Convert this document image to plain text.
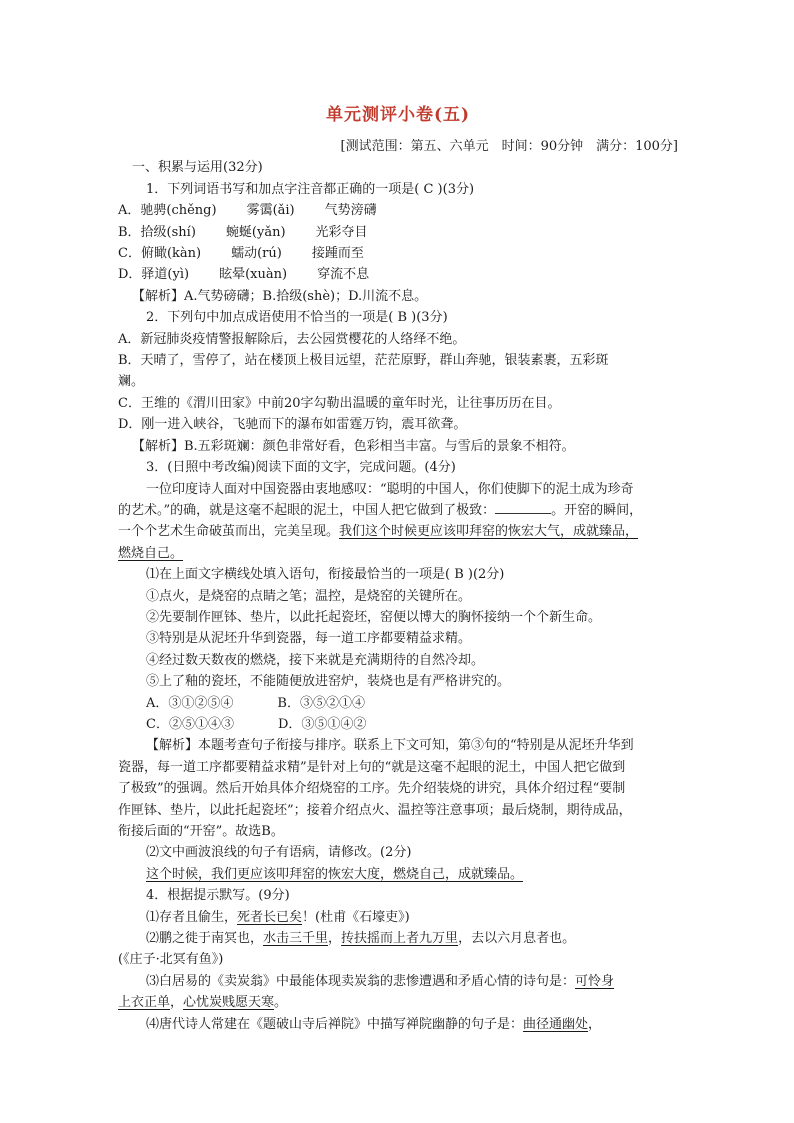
单元测评小卷(五)
[测试范围：第五、六单元　时间：90分钟　满分：100分]
一、积累与运用(32分)
1．下列词语书写和加点字注音都正确的一项是( C )(3分)
A．驰骋(chěng) 雾霭(ǎi) 气势滂礴
B．拾级(shí) 蜿蜒(yǎn) 光彩夺目
C．俯瞰(kàn) 蠕动(rú) 接踵而至
D．驿道(yì) 眩晕(xuàn) 穿流不息
【解析】A.气势磅礴；B.拾级(shè)；D.川流不息。
2．下列句中加点成语使用不恰当的一项是( B )(3分)
A．新冠肺炎疫情警报解除后，去公园赏樱花的人络绎不绝。
B．天晴了，雪停了，站在楼顶上极目远望，茫茫原野，群山奔驰，银装素裹，五彩斑
斓。
C．王维的《渭川田家》中前20字勾勒出温暖的童年时光，让往事历历在目。
D．刚一进入峡谷，飞驰而下的瀑布如雷霆万钧，震耳欲聋。
【解析】B.五彩斑斓：颜色非常好看，色彩相当丰富。与雪后的景象不相符。
3．(日照中考改编)阅读下面的文字，完成问题。(4分)
一位印度诗人面对中国瓷器由衷地感叹：“聪明的中国人，你们使脚下的泥土成为珍奇
的艺术。”的确，就是这毫不起眼的泥土，中国人把它做到了极致：	。开窑的瞬间，
一个个艺术生命破茧而出，完美呈现。我们这个时候更应该叩拜窑的恢宏大气，成就臻品，
燃烧自己。
⑴在上面文字横线处填入语句，衔接最恰当的一项是( B )(2分)
①点火，是烧窑的点睛之笔；温控，是烧窑的关键所在。
②先要制作匣钵、垫片，以此托起瓷坯，窑便以博大的胸怀接纳一个个新生命。
③特别是从泥坯升华到瓷器，每一道工序都要精益求精。
④经过数天数夜的燃烧，接下来就是充满期待的自然冷却。
⑤上了釉的瓷坯，不能随便放进窑炉，装烧也是有严格讲究的。
A．③①②⑤④	B．③⑤②①④
C．②⑤①④③	D．③⑤①④②
【解析】本题考查句子衔接与排序。联系上下文可知，第③句的“特别是从泥坯升华到
瓷器，每一道工序都要精益求精”是针对上句的“就是这毫不起眼的泥土，中国人把它做到
了极致”的强调。然后开始具体介绍烧窑的工序。先介绍装烧的讲究，具体介绍过程“要制
作匣钵、垫片，以此托起瓷坯”；接着介绍点火、温控等注意事项；最后烧制，期待成品，
衔接后面的“开窑”。故选B。
⑵文中画波浪线的句子有语病，请修改。(2分)
这个时候，我们更应该叩拜窑的恢宏大度，燃烧自己，成就臻品。
4．根据提示默写。(9分)
⑴存者且偷生，死者长已矣！(杜甫《石壕吏》)
⑵鹏之徙于南冥也，水击三千里，抟扶摇而上者九万里，去以六月息者也。
(《庄子·北冥有鱼》)
⑶白居易的《卖炭翁》中最能体现卖炭翁的悲惨遭遇和矛盾心情的诗句是：可怜身
上衣正单，心忧炭贱愿天寒。
⑷唐代诗人常建在《题破山寺后禅院》中描写禅院幽静的句子是：曲径通幽处，
